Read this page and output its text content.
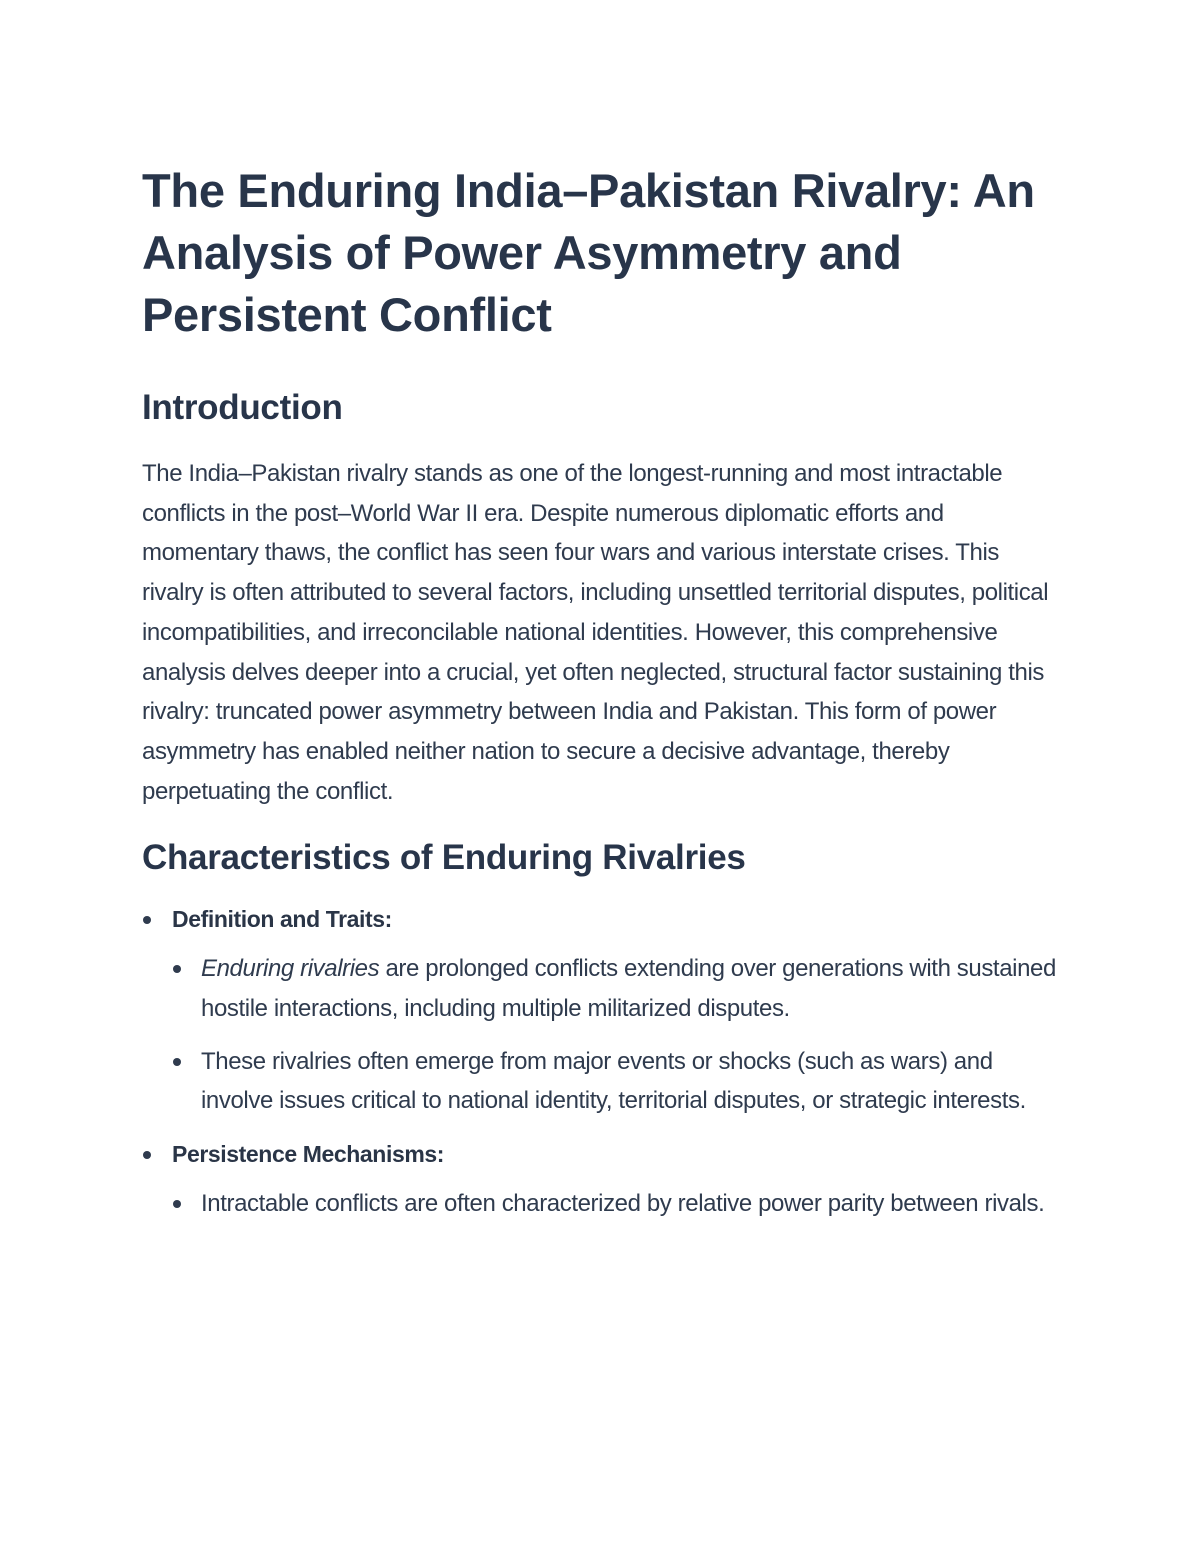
The Enduring India–Pakistan Rivalry: An Analysis of Power Asymmetry and Persistent Conflict
Introduction

The India–Pakistan rivalry stands as one of the longest-running and most intractable conflicts in the post–World War II era. Despite numerous diplomatic efforts and momentary thaws, the conflict has seen four wars and various interstate crises. This rivalry is often attributed to several factors, including unsettled territorial disputes, political incompatibilities, and irreconcilable national identities. However, this comprehensive analysis delves deeper into a crucial, yet often neglected, structural factor sustaining this rivalry: truncated power asymmetry between India and Pakistan. This form of power asymmetry has enabled neither nation to secure a decisive advantage, thereby perpetuating the conflict.

Characteristics of Enduring Rivalries
Definition and Traits:
Enduring rivalries are prolonged conflicts extending over generations with sustained hostile interactions, including multiple militarized disputes.
These rivalries often emerge from major events or shocks (such as wars) and involve issues critical to national identity, territorial disputes, or strategic interests.
Persistence Mechanisms:
Intractable conflicts are often characterized by relative power parity between rivals.
